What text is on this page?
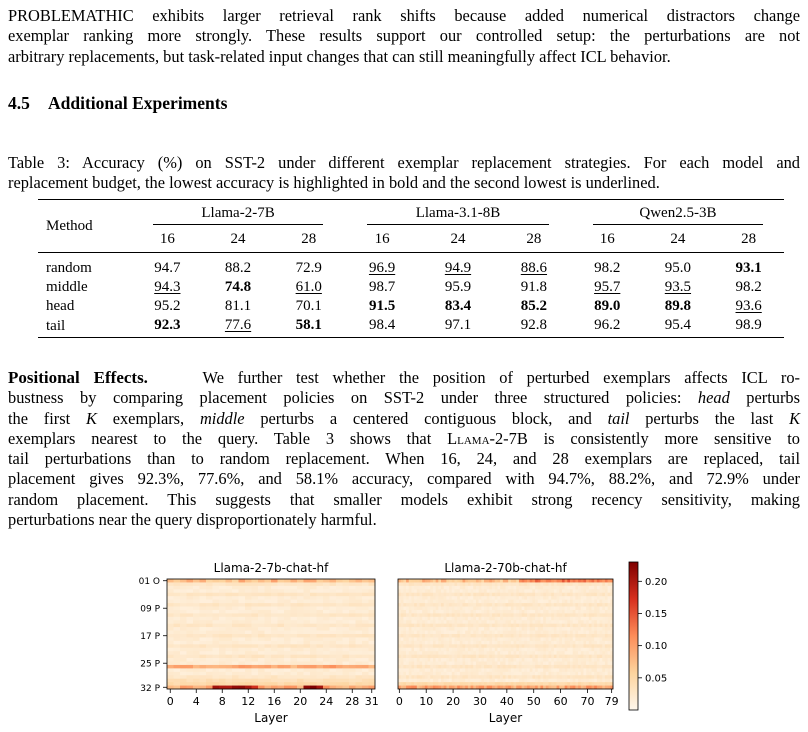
PROBLEMATHIC exhibits larger retrieval rank shifts because added numerical distractors change
exemplar ranking more strongly. These results support our controlled setup: the perturbations are not
arbitrary replacements, but task-related input changes that can still meaningfully affect ICL behavior.
4.5 Additional Experiments
Table 3: Accuracy (%) on SST-2 under different exemplar replacement strategies. For each model and
replacement budget, the lowest accuracy is highlighted in bold and the second lowest is underlined.
Method	Llama-2-7B			Llama-3.1-8B			Qwen2.5-3B		

	16	24	28	16	24	28	16	24	28
random	94.7	88.2	72.9	96.9	94.9	88.6	98.2	95.0	93.1
middle	94.3	74.8	61.0	98.7	95.9	91.8	95.7	93.5	98.2
head	95.2	81.1	70.1	91.5	83.4	85.2	89.0	89.8	93.6
tail	92.3	77.6	58.1	98.4	97.1	92.8	96.2	95.4	98.9
Positional Effects.	We further test whether the position of perturbed exemplars affects ICL ro-
bustness by comparing placement policies on SST-2 under three structured policies: head perturbs
the first K exemplars, middle perturbs a centered contiguous block, and tail perturbs the last K
exemplars nearest to the query. Table 3 shows that Llama-2-7B is consistently more sensitive to
tail perturbations than to random replacement. When 16, 24, and 28 exemplars are replaced, tail
placement gives 92.3%, 77.6%, and 58.1% accuracy, compared with 94.7%, 88.2%, and 72.9% under
random placement. This suggests that smaller models exhibit strong recency sensitivity, making
perturbations near the query disproportionately harmful.
Llama-2-7b-chat-hf
Layer
0 4 8 12 16 20 24 28 31
Llama-2-70b-chat-hf
Layer
0 10 20 30 40 50 60 70 79
01 O
09 P
17 P
25 P
32 P
0.20
0.15
0.10
0.05
